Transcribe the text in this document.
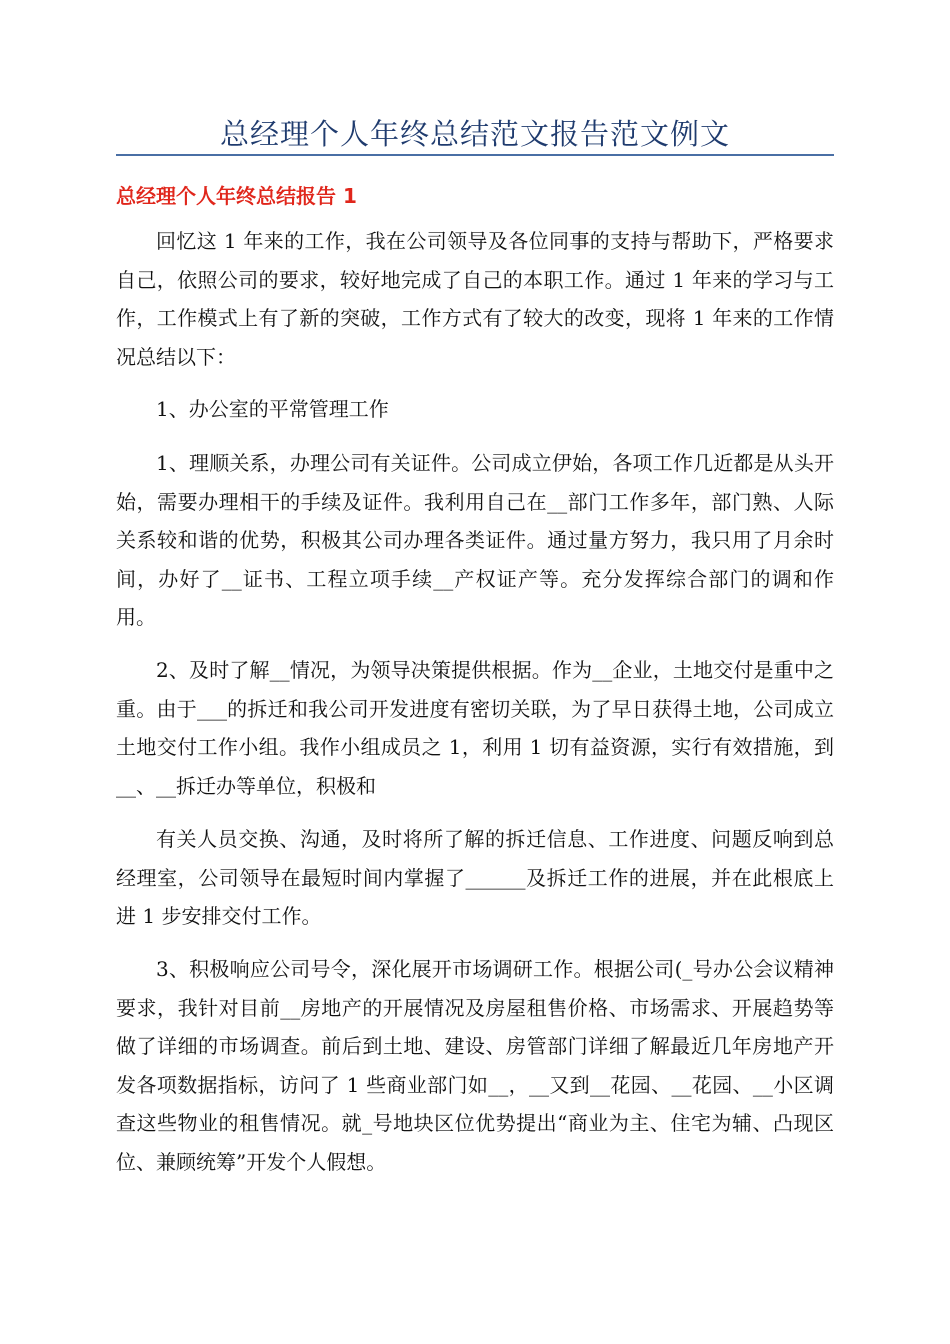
总经理个人年终总结范文报告范文例文
总经理个人年终总结报告 1

回忆这 1 年来的工作，我在公司领导及各位同事的支持与帮助下，严格要求自己，依照公司的要求，较好地完成了自己的本职工作。通过 1 年来的学习与工作，工作模式上有了新的突破，工作方式有了较大的改变，现将 1 年来的工作情况总结以下：

1、办公室的平常管理工作

1、理顺关系，办理公司有关证件。公司成立伊始，各项工作几近都是从头开始，需要办理相干的手续及证件。我利用自己在__部门工作多年，部门熟、人际关系较和谐的优势，积极其公司办理各类证件。通过量方努力，我只用了月余时间，办好了__证书、工程立项手续__产权证产等。充分发挥综合部门的调和作用。

2、及时了解__情况，为领导决策提供根据。作为__企业，土地交付是重中之重。由于___的拆迁和我公司开发进度有密切关联，为了早日获得土地，公司成立土地交付工作小组。我作小组成员之 1，利用 1 切有益资源，实行有效措施，到__、__拆迁办等单位，积极和

有关人员交换、沟通，及时将所了解的拆迁信息、工作进度、问题反响到总经理室，公司领导在最短时间内掌握了______及拆迁工作的进展，并在此根底上进 1 步安排交付工作。

3、积极响应公司号令，深化展开市场调研工作。根据公司(_号办公会议精神要求，我针对目前__房地产的开展情况及房屋租售价格、市场需求、开展趋势等做了详细的市场调查。前后到土地、建设、房管部门详细了解最近几年房地产开发各项数据指标，访问了 1 些商业部门如__，__又到__花园、__花园、__小区调查这些物业的租售情况。就_号地块区位优势提出“商业为主、住宅为辅、凸现区位、兼顾统筹”开发个人假想。
